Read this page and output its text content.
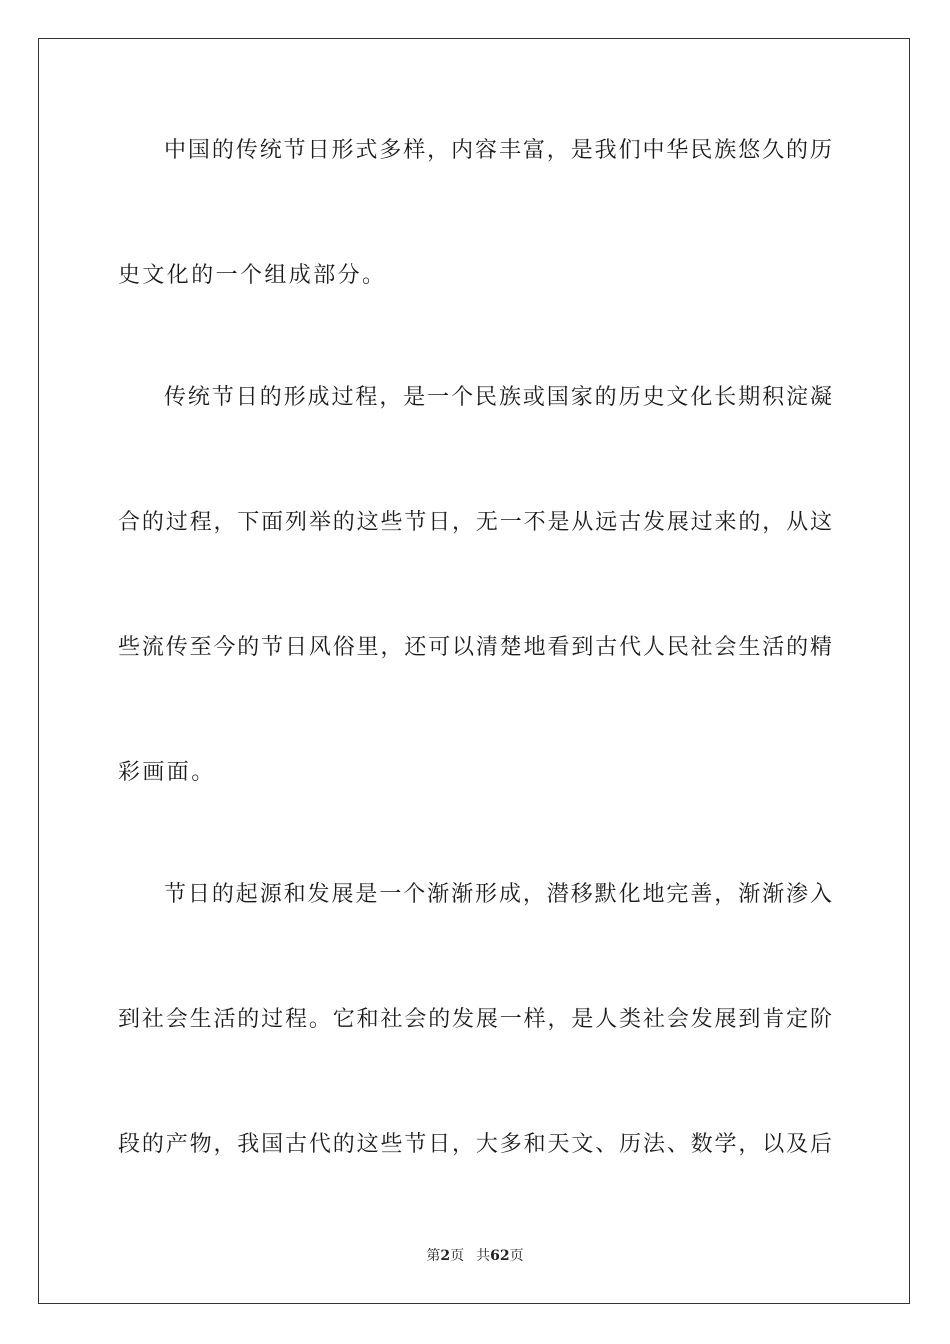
中国的传统节日形式多样，内容丰富，是我们中华民族悠久的历
史文化的一个组成部分。
传统节日的形成过程，是一个民族或国家的历史文化长期积淀凝
合的过程，下面列举的这些节日，无一不是从远古发展过来的，从这
些流传至今的节日风俗里，还可以清楚地看到古代人民社会生活的精
彩画面。
节日的起源和发展是一个渐渐形成，潜移默化地完善，渐渐渗入
到社会生活的过程。它和社会的发展一样，是人类社会发展到肯定阶
段的产物，我国古代的这些节日，大多和天文、历法、数学，以及后
第2页 共62页
